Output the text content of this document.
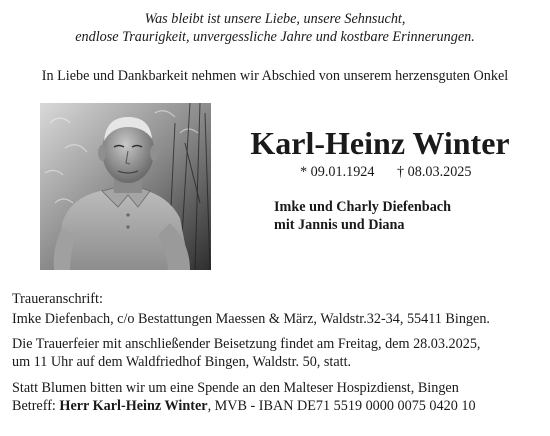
Was bleibt ist unsere Liebe, unsere Sehnsucht,
endlose Traurigkeit, unvergessliche Jahre und kostbare Erinnerungen.
In Liebe und Dankbarkeit nehmen wir Abschied von unserem herzensguten Onkel
Karl-Heinz Winter
* 09.01.1924 † 08.03.2025
Imke und Charly Diefenbach
mit Jannis und Diana
Traueranschrift:
Imke Diefenbach, c/o Bestattungen Maessen & März, Waldstr.32-34, 55411 Bingen.
Die Trauerfeier mit anschließender Beisetzung findet am Freitag, dem 28.03.2025,
um 11 Uhr auf dem Waldfriedhof Bingen, Waldstr. 50, statt.
Statt Blumen bitten wir um eine Spende an den Malteser Hospizdienst, Bingen
Betreff: Herr Karl-Heinz Winter, MVB - IBAN DE71 5519 0000 0075 0420 10
